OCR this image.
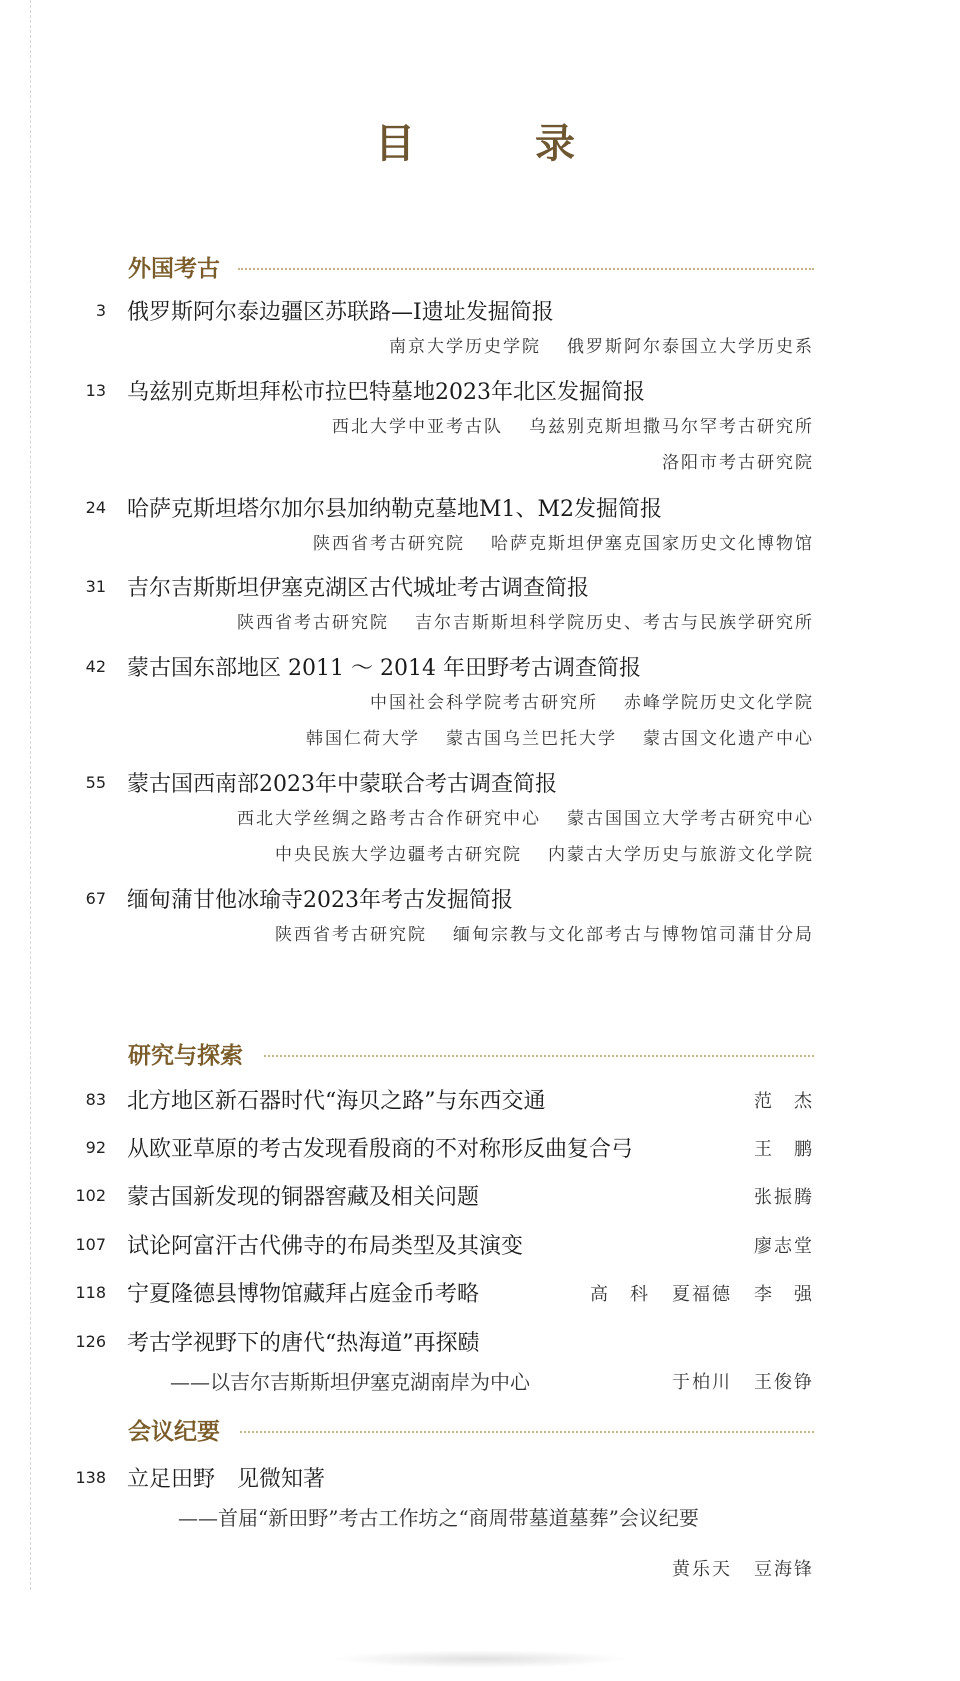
目　录
外国考古
3 俄罗斯阿尔泰边疆区苏联路—I遗址发掘简报
南京大学历史学院 俄罗斯阿尔泰国立大学历史系
13 乌兹别克斯坦拜松市拉巴特墓地2023年北区发掘简报
西北大学中亚考古队 乌兹别克斯坦撒马尔罕考古研究所
洛阳市考古研究院
24 哈萨克斯坦塔尔加尔县加纳勒克墓地M1、M2发掘简报
陕西省考古研究院 哈萨克斯坦伊塞克国家历史文化博物馆
31 吉尔吉斯斯坦伊塞克湖区古代城址考古调查简报
陕西省考古研究院 吉尔吉斯斯坦科学院历史、考古与民族学研究所
42 蒙古国东部地区 2011 ～ 2014 年田野考古调查简报
中国社会科学院考古研究所 赤峰学院历史文化学院
韩国仁荷大学 蒙古国乌兰巴托大学 蒙古国文化遗产中心
55 蒙古国西南部2023年中蒙联合考古调查简报
西北大学丝绸之路考古合作研究中心 蒙古国国立大学考古研究中心
中央民族大学边疆考古研究院 内蒙古大学历史与旅游文化学院
67 缅甸蒲甘他冰瑜寺2023年考古发掘简报
陕西省考古研究院 缅甸宗教与文化部考古与博物馆司蒲甘分局
研究与探索
83 北方地区新石器时代“海贝之路”与东西交通	范　杰
92 从欧亚草原的考古发现看殷商的不对称形反曲复合弓	王　鹏
102 蒙古国新发现的铜器窖藏及相关问题	张振腾
107 试论阿富汗古代佛寺的布局类型及其演变	廖志堂
118 宁夏隆德县博物馆藏拜占庭金币考略	高　科 夏福德 李　强
126 考古学视野下的唐代“热海道”再探赜
——以吉尔吉斯斯坦伊塞克湖南岸为中心	于柏川 王俊铮
会议纪要
138 立足田野　见微知著
——首届“新田野”考古工作坊之“商周带墓道墓葬”会议纪要
黄乐天 豆海锋
